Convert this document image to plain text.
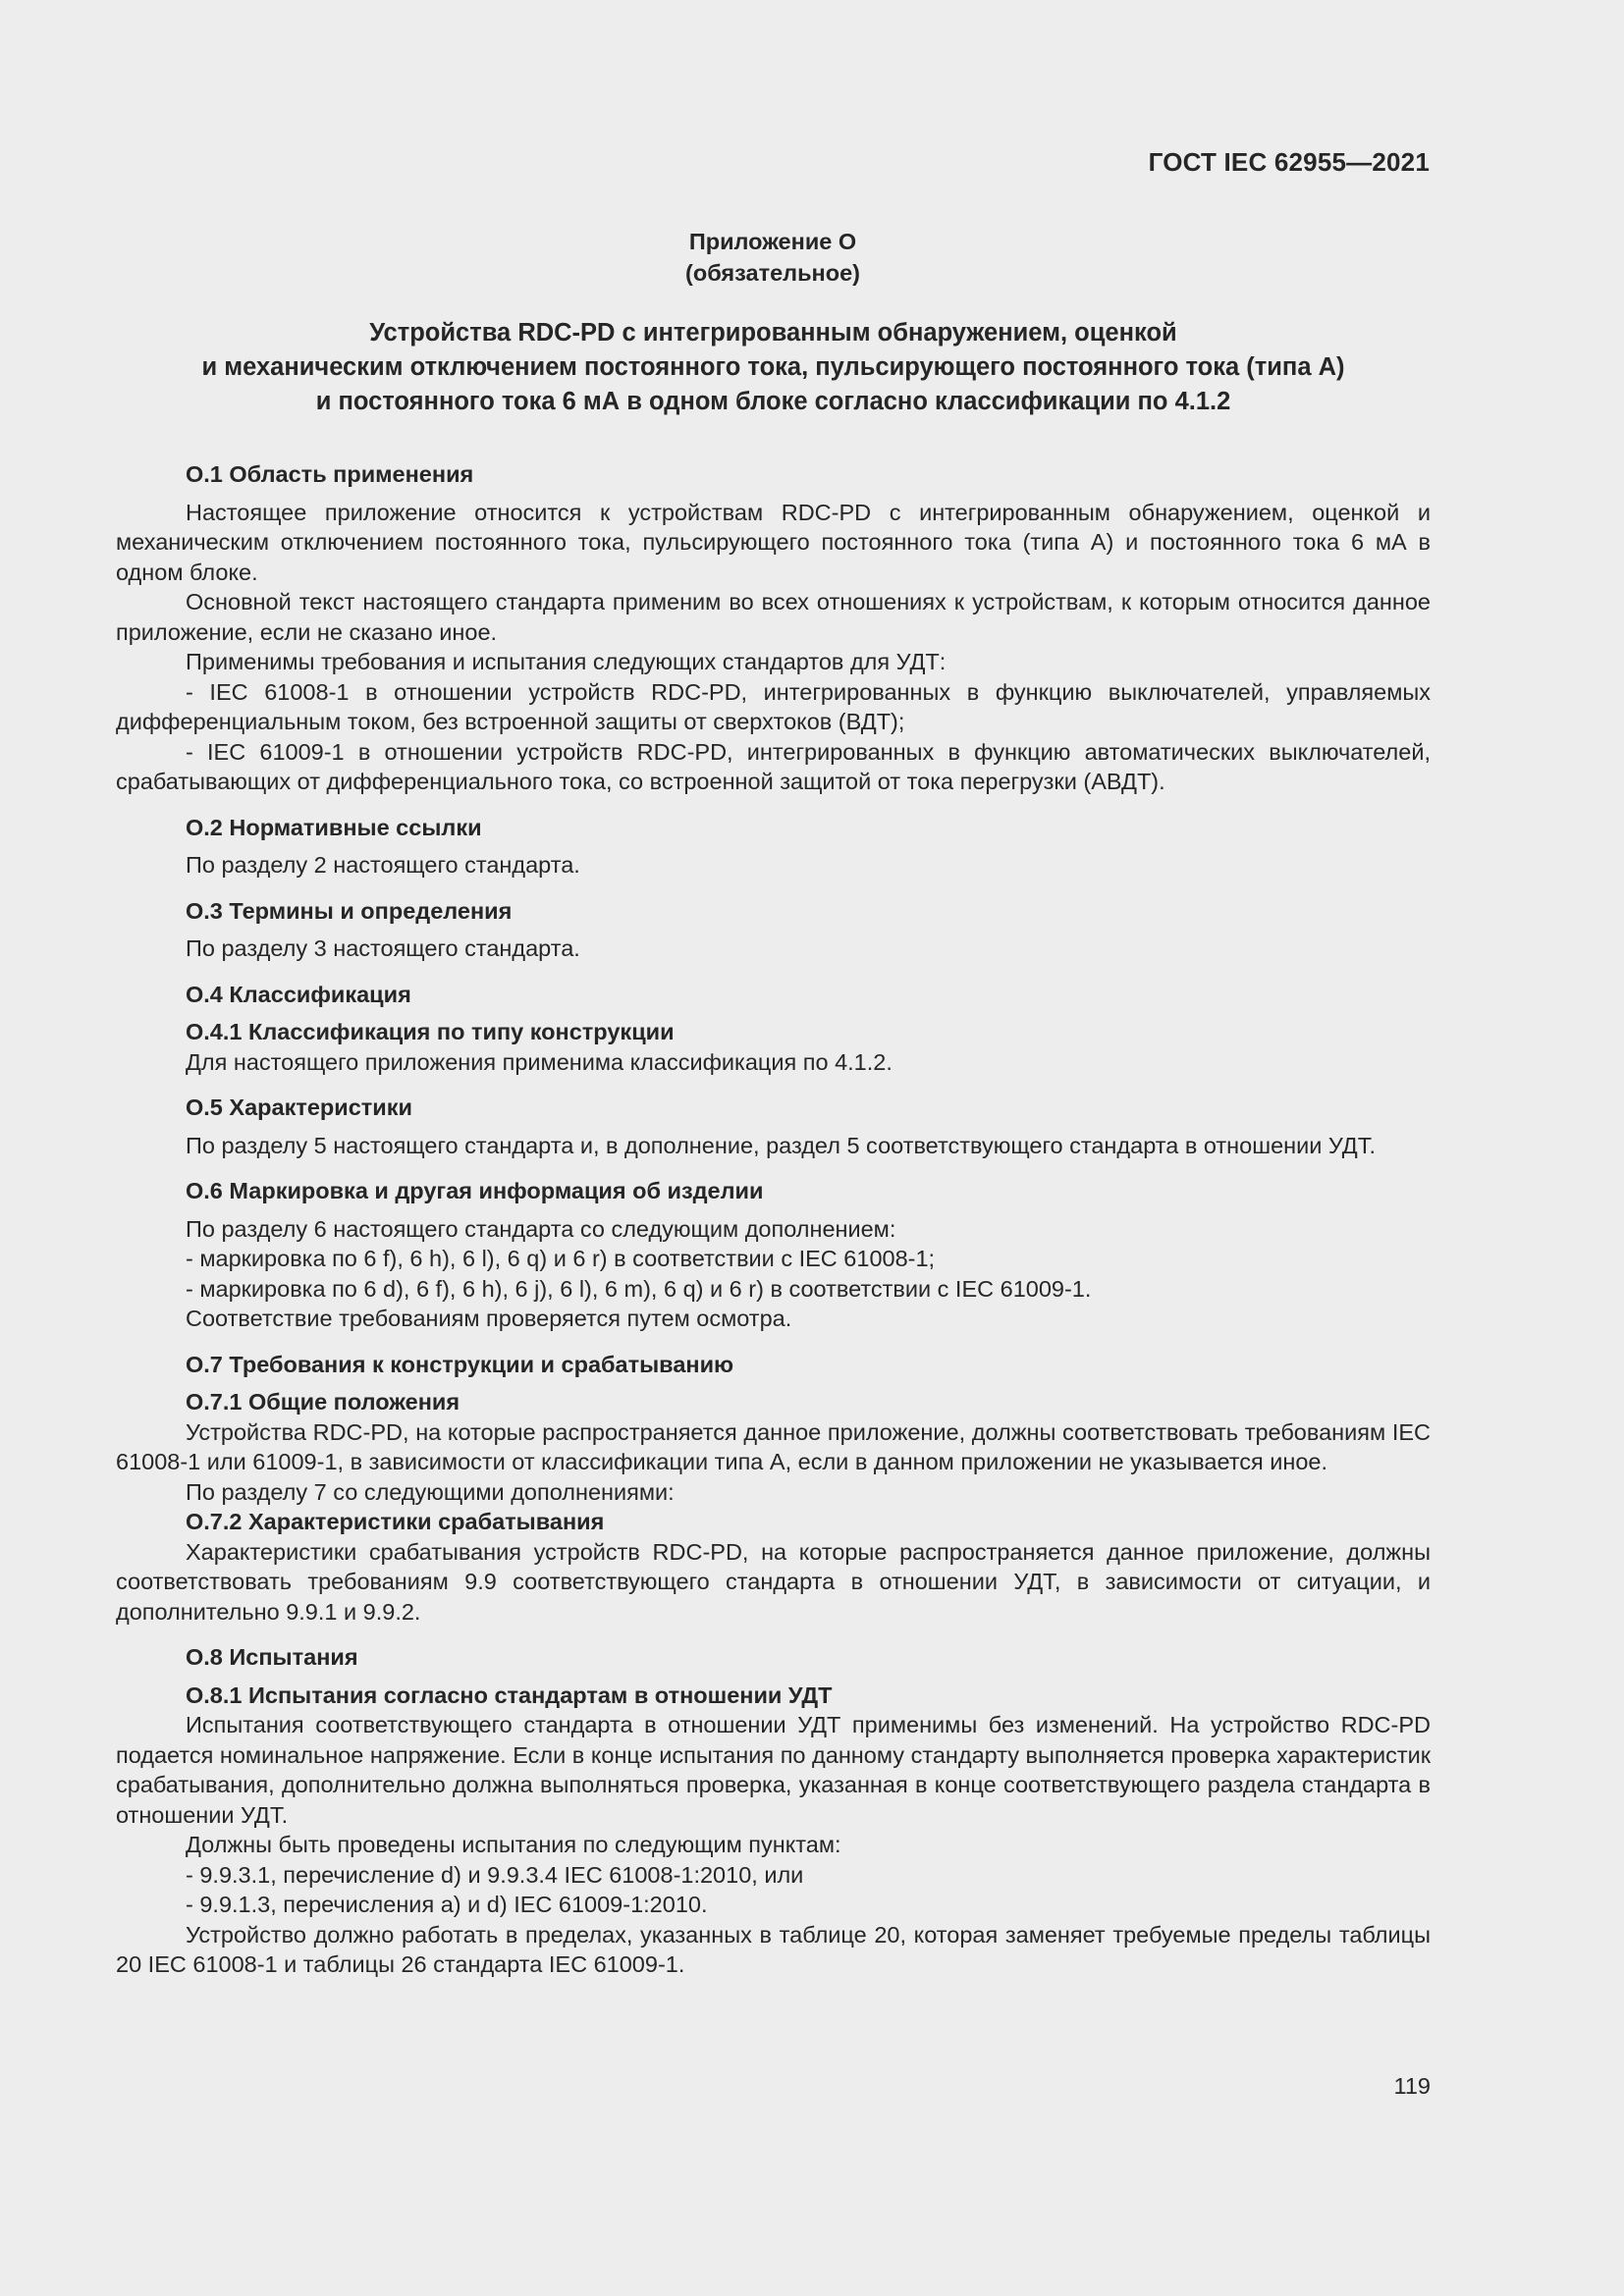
ГОСТ IEC 62955—2021
Приложение О
(обязательное)
Устройства RDC-PD с интегрированным обнаружением, оценкой
и механическим отключением постоянного тока, пульсирующего постоянного тока (типа А)
и постоянного тока 6 мА в одном блоке согласно классификации по 4.1.2
О.1 Область применения

Настоящее приложение относится к устройствам RDC-PD с интегрированным обнаружением, оценкой и механическим отключением постоянного тока, пульсирующего постоянного тока (типа А) и постоянного тока 6 мА в одном блоке.

Основной текст настоящего стандарта применим во всех отношениях к устройствам, к которым относится данное приложение, если не сказано иное.

Применимы требования и испытания следующих стандартов для УДТ:

- IEC 61008-1 в отношении устройств RDC-PD, интегрированных в функцию выключателей, управляемых дифференциальным током, без встроенной защиты от сверхтоков (ВДТ);

- IEC 61009-1 в отношении устройств RDC-PD, интегрированных в функцию автоматических выключателей, срабатывающих от дифференциального тока, со встроенной защитой от тока перегрузки (АВДТ).

О.2 Нормативные ссылки

По разделу 2 настоящего стандарта.

О.3 Термины и определения

По разделу 3 настоящего стандарта.

О.4 Классификация
О.4.1 Классификация по типу конструкции

Для настоящего приложения применима классификация по 4.1.2.

О.5 Характеристики

По разделу 5 настоящего стандарта и, в дополнение, раздел 5 соответствующего стандарта в отношении УДТ.

О.6 Маркировка и другая информация об изделии

По разделу 6 настоящего стандарта со следующим дополнением:

- маркировка по 6 f), 6 h), 6 l), 6 q) и 6 r) в соответствии с IEC 61008-1;

- маркировка по 6 d), 6 f), 6 h), 6 j), 6 l), 6 m), 6 q) и 6 r) в соответствии с IEC 61009-1.

Соответствие требованиям проверяется путем осмотра.

О.7 Требования к конструкции и срабатыванию
О.7.1 Общие положения

Устройства RDC-PD, на которые распространяется данное приложение, должны соответствовать требованиям IEC 61008-1 или 61009-1, в зависимости от классификации типа А, если в данном приложении не указывается иное.

По разделу 7 со следующими дополнениями:

О.7.2 Характеристики срабатывания

Характеристики срабатывания устройств RDC-PD, на которые распространяется данное приложение, должны соответствовать требованиям 9.9 соответствующего стандарта в отношении УДТ, в зависимости от ситуации, и дополнительно 9.9.1 и 9.9.2.

О.8 Испытания
О.8.1 Испытания согласно стандартам в отношении УДТ

Испытания соответствующего стандарта в отношении УДТ применимы без изменений. На устройство RDC-PD подается номинальное напряжение. Если в конце испытания по данному стандарту выполняется проверка характеристик срабатывания, дополнительно должна выполняться проверка, указанная в конце соответствующего раздела стандарта в отношении УДТ.

Должны быть проведены испытания по следующим пунктам:

- 9.9.3.1, перечисление d) и 9.9.3.4 IEC 61008-1:2010, или

- 9.9.1.3, перечисления a) и d) IEC 61009-1:2010.

Устройство должно работать в пределах, указанных в таблице 20, которая заменяет требуемые пределы таблицы 20 IEC 61008-1 и таблицы 26 стандарта IEC 61009-1.

119
